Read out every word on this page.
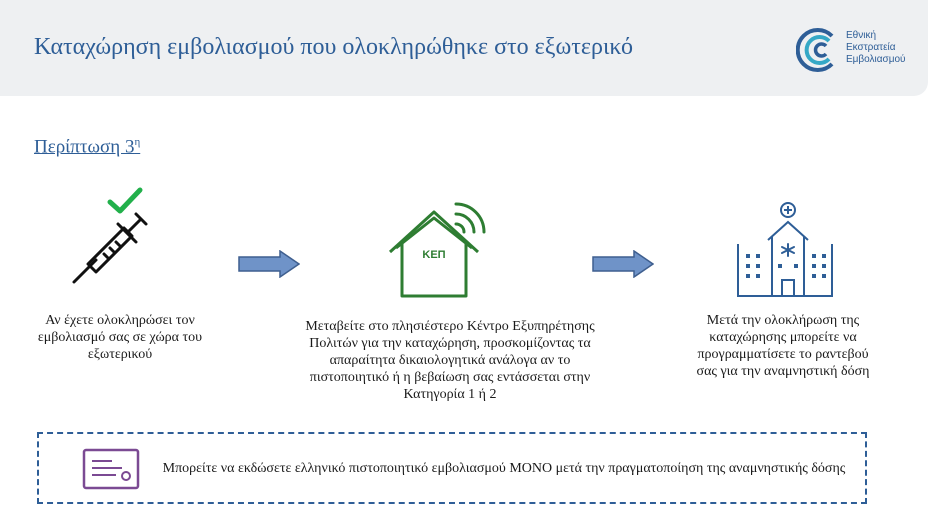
Καταχώρηση εμβολιασμού που ολοκληρώθηκε στο εξωτερικό	Εθνική
Εκστρατεία
Εμβολιασμού
Περίπτωση $3^\eta$
ΚΕΠ
Αν έχετε ολοκληρώσει τον εμβολιασμό σας σε χώρα του εξωτερικού
Μεταβείτε στο πλησιέστερο Κέντρο Εξυπηρέτησης Πολιτών για την καταχώρηση, προσκομίζοντας τα απαραίτητα δικαιολογητικά ανάλογα αν το πιστοποιητικό ή η βεβαίωση σας εντάσσεται στην Κατηγορία 1 ή 2
Μετά την ολοκλήρωση της καταχώρησης μπορείτε να προγραμματίσετε το ραντεβού σας για την αναμνηστική δόση
Μπορείτε να εκδώσετε ελληνικό πιστοποιητικό εμβολιασμού ΜΟΝΟ μετά την πραγματοποίηση της αναμνηστικής δόσης
